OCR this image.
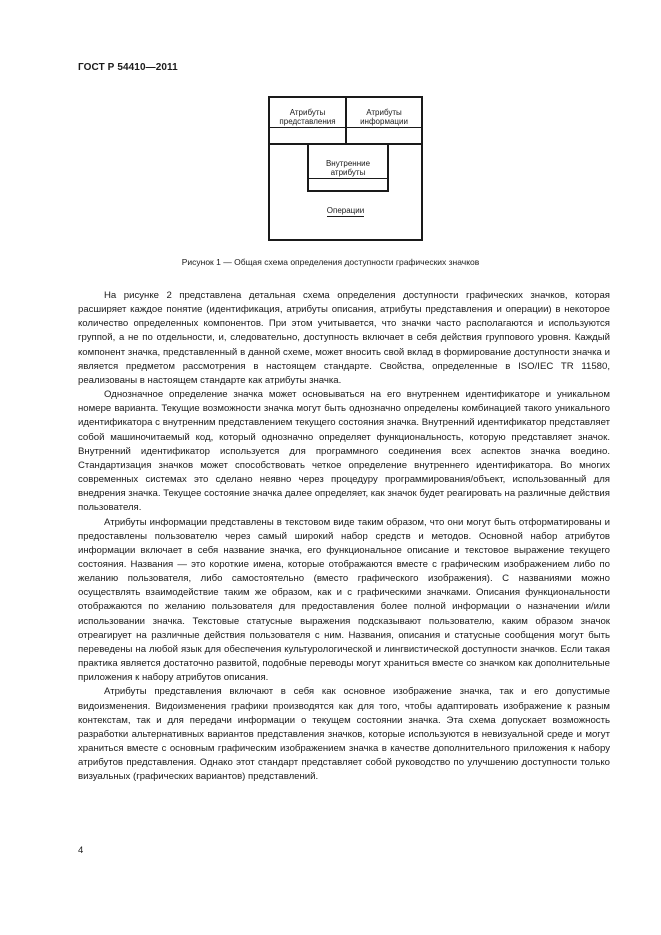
ГОСТ Р 54410—2011
Атрибуты представления
Атрибуты информации
Внутренние атрибуты
Операции
Рисунок 1 — Общая схема определения доступности графических значков

На рисунке 2 представлена детальная схема определения доступности графических значков, которая расширяет каждое понятие (идентификация, атрибуты описания, атрибуты представления и операции) в некоторое количество определенных компонентов. При этом учитывается, что значки часто располагаются и используются группой, а не по отдельности, и, следовательно, доступность включает в себя действия группового уровня. Каждый компонент значка, представленный в данной схеме, может вносить свой вклад в формирование доступности значка и является предметом рассмотрения в настоящем стандарте. Свойства, определенные в ISO/IEC TR 11580, реализованы в настоящем стандарте как атрибуты значка.

Однозначное определение значка может основываться на его внутреннем идентификаторе и уникальном номере варианта. Текущие возможности значка могут быть однозначно определены комбинацией такого уникального идентификатора с внутренним представлением текущего состояния значка. Внутренний идентификатор представляет собой машиночитаемый код, который однозначно определяет функциональность, которую представляет значок. Внутренний идентификатор используется для программного соединения всех аспектов значка воедино. Стандартизация значков может способствовать четкое определение внутреннего идентификатора. Во многих современных системах это сделано неявно через процедуру программирования/объект, использованный для внедрения значка. Текущее состояние значка далее определяет, как значок будет реагировать на различные действия пользователя.

Атрибуты информации представлены в текстовом виде таким образом, что они могут быть отформатированы и предоставлены пользователю через самый широкий набор средств и методов. Основной набор атрибутов информации включает в себя название значка, его функциональное описание и текстовое выражение текущего состояния. Названия — это короткие имена, которые отображаются вместе с графическим изображением либо по желанию пользователя, либо самостоятельно (вместо графического изображения). С названиями можно осуществлять взаимодействие таким же образом, как и с графическими значками. Описания функциональности отображаются по желанию пользователя для предоставления более полной информации о назначении и/или использовании значка. Текстовые статусные выражения подсказывают пользователю, каким образом значок отреагирует на различные действия пользователя с ним. Названия, описания и статусные сообщения могут быть переведены на любой язык для обеспечения культурологической и лингвистической доступности значков. Если такая практика является достаточно развитой, подобные переводы могут храниться вместе со значком как дополнительные приложения к набору атрибутов описания.

Атрибуты представления включают в себя как основное изображение значка, так и его допустимые видоизменения. Видоизменения графики производятся как для того, чтобы адаптировать изображение к разным контекстам, так и для передачи информации о текущем состоянии значка. Эта схема допускает возможность разработки альтернативных вариантов представления значков, которые используются в невизуальной среде и могут храниться вместе с основным графическим изображением значка в качестве дополнительного приложения к набору атрибутов представления. Однако этот стандарт представляет собой руководство по улучшению доступности только визуальных (графических вариантов) представлений.

4
